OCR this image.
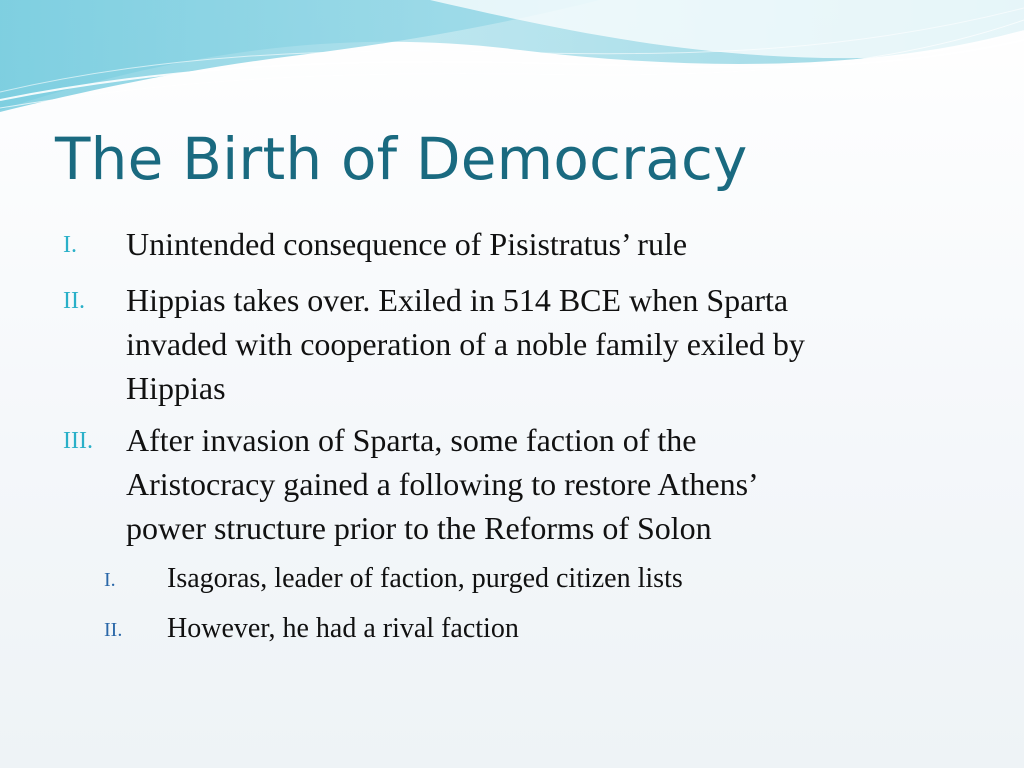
The Birth of Democracy
I. Unintended consequence of Pisistratus’ rule
II. Hippias takes over. Exiled in 514 BCE when Sparta
invaded with cooperation of a noble family exiled by
Hippias
III. After invasion of Sparta, some faction of the
Aristocracy gained a following to restore Athens’
power structure prior to the Reforms of Solon
I. Isagoras, leader of faction, purged citizen lists
II. However, he had a rival faction
